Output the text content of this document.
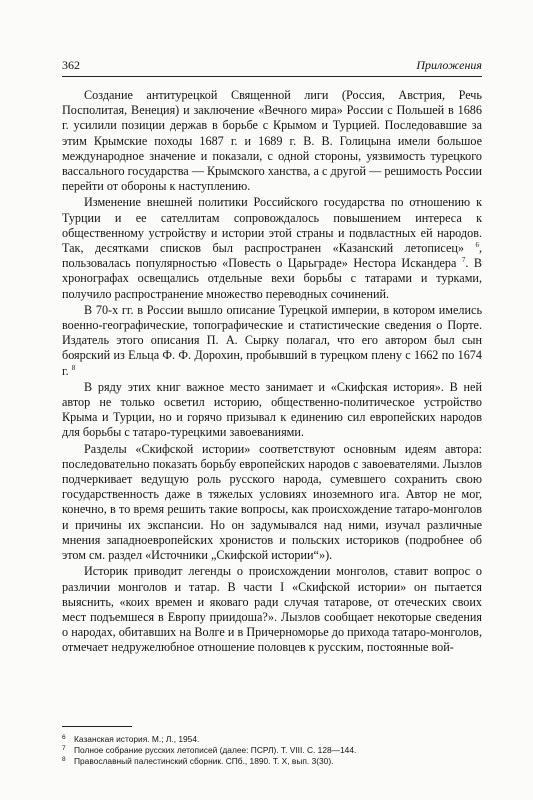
362	Приложения

Создание антитурецкой Священной лиги (Россия, Австрия, Речь Посполитая, Венеция) и заключение «Вечного мира» России с Польшей в 1686 г. усилили позиции держав в борьбе с Крымом и Турцией. Последовавшие за этим Крымские походы 1687 г. и 1689 г. В. В. Голицына имели большое международное значение и показали, с одной стороны, уязвимость турецкого вассального государства — Крымского ханства, а с другой — решимость России перейти от обороны к наступлению.

Изменение внешней политики Российского государства по отношению к Турции и ее сателлитам сопровождалось повышением интереса к общественному устройству и истории этой страны и подвластных ей народов. Так, десятками списков был распространен «Казанский летописец» $^6$, пользовалась популярностью «Повесть о Царьграде» Нестора Искандера $^7$. В хронографах освещались отдельные вехи борьбы с татарами и турками, получило распространение множество переводных сочинений.

В 70-х гг. в России вышло описание Турецкой империи, в котором имелись военно-географические, топографические и статистические сведения о Порте. Издатель этого описания П. А. Сырку полагал, что его автором был сын боярский из Ельца Ф. Ф. Дорохин, пробывший в турецком плену с 1662 по 1674 г. $^8$

В ряду этих книг важное место занимает и «Скифская история». В ней автор не только осветил историю, общественно-политическое устройство Крыма и Турции, но и горячо призывал к единению сил европейских народов для борьбы с татаро-турецкими завоеваниями.

Разделы «Скифской истории» соответствуют основным идеям автора: последовательно показать борьбу европейских народов с завоевателями. Лызлов подчеркивает ведущую роль русского народа, сумевшего сохранить свою государственность даже в тяжелых условиях иноземного ига. Автор не мог, конечно, в то время решить такие вопросы, как происхождение татаро-монголов и причины их экспансии. Но он задумывался над ними, изучал различные мнения западноевропейских хронистов и польских историков (подробнее об этом см. раздел «Источники „Скифской истории“»).

Историк приводит легенды о происхождении монголов, ставит вопрос о различии монголов и татар. В части I «Скифской истории» он пытается выяснить, «коих времен и яковаго ради случая татарове, от отеческих своих мест подъемшеся в Европу приидоша?». Лызлов сообщает некоторые сведения о народах, обитавших на Волге и в Причерноморье до прихода татаро-монголов, отмечает недружелюбное отношение половцев к русским, постоянные вой-

6 Казанская история. М.; Л., 1954.
7 Полное собрание русских летописей (далее: ПСРЛ). Т. VIII. С. 128—144.
8 Православный палестинский сборник. СПб., 1890. Т. X, вып. 3(30).
